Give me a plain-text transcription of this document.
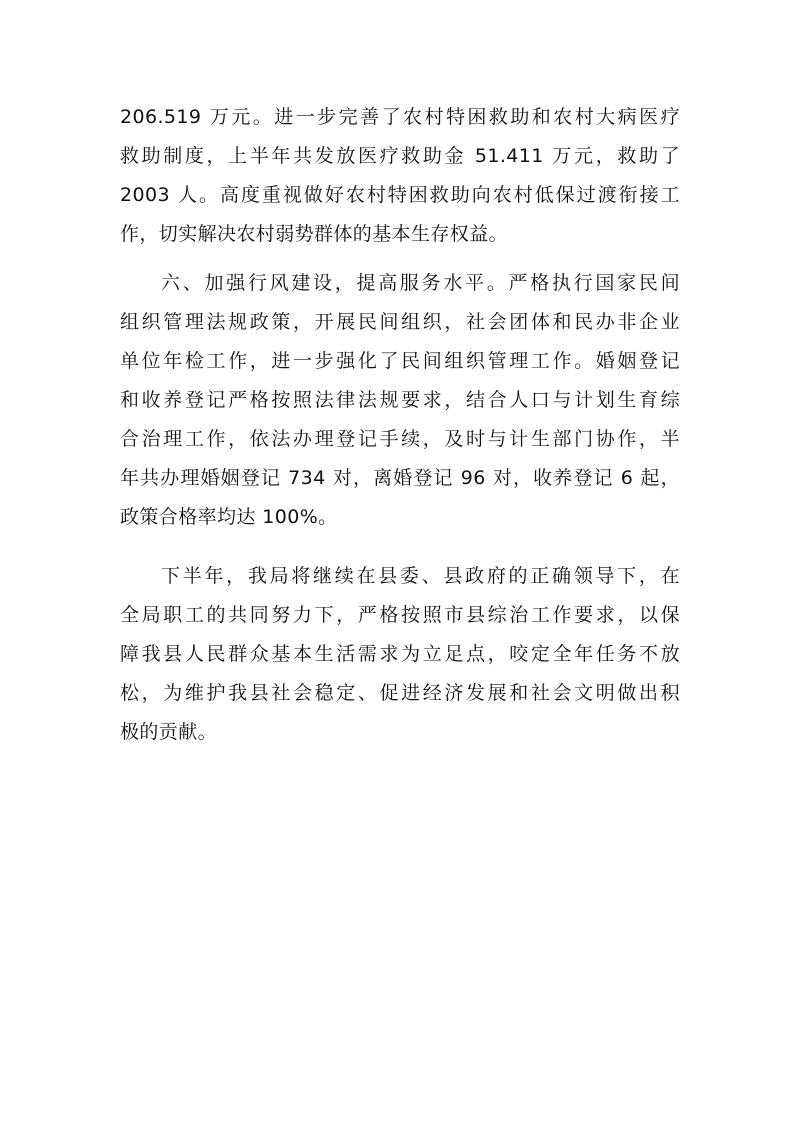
206.519 万元。进一步完善了农村特困救助和农村大病医疗
救助制度，上半年共发放医疗救助金 51.411 万元，救助了
2003 人。高度重视做好农村特困救助向农村低保过渡衔接工
作，切实解决农村弱势群体的基本生存权益。
六、加强行风建设，提高服务水平。严格执行国家民间
组织管理法规政策，开展民间组织，社会团体和民办非企业
单位年检工作，进一步强化了民间组织管理工作。婚姻登记
和收养登记严格按照法律法规要求，结合人口与计划生育综
合治理工作，依法办理登记手续，及时与计生部门协作，半
年共办理婚姻登记 734 对，离婚登记 96 对，收养登记 6 起，
政策合格率均达 100%。
下半年，我局将继续在县委、县政府的正确领导下，在
全局职工的共同努力下，严格按照市县综治工作要求，以保
障我县人民群众基本生活需求为立足点，咬定全年任务不放
松，为维护我县社会稳定、促进经济发展和社会文明做出积
极的贡献。
